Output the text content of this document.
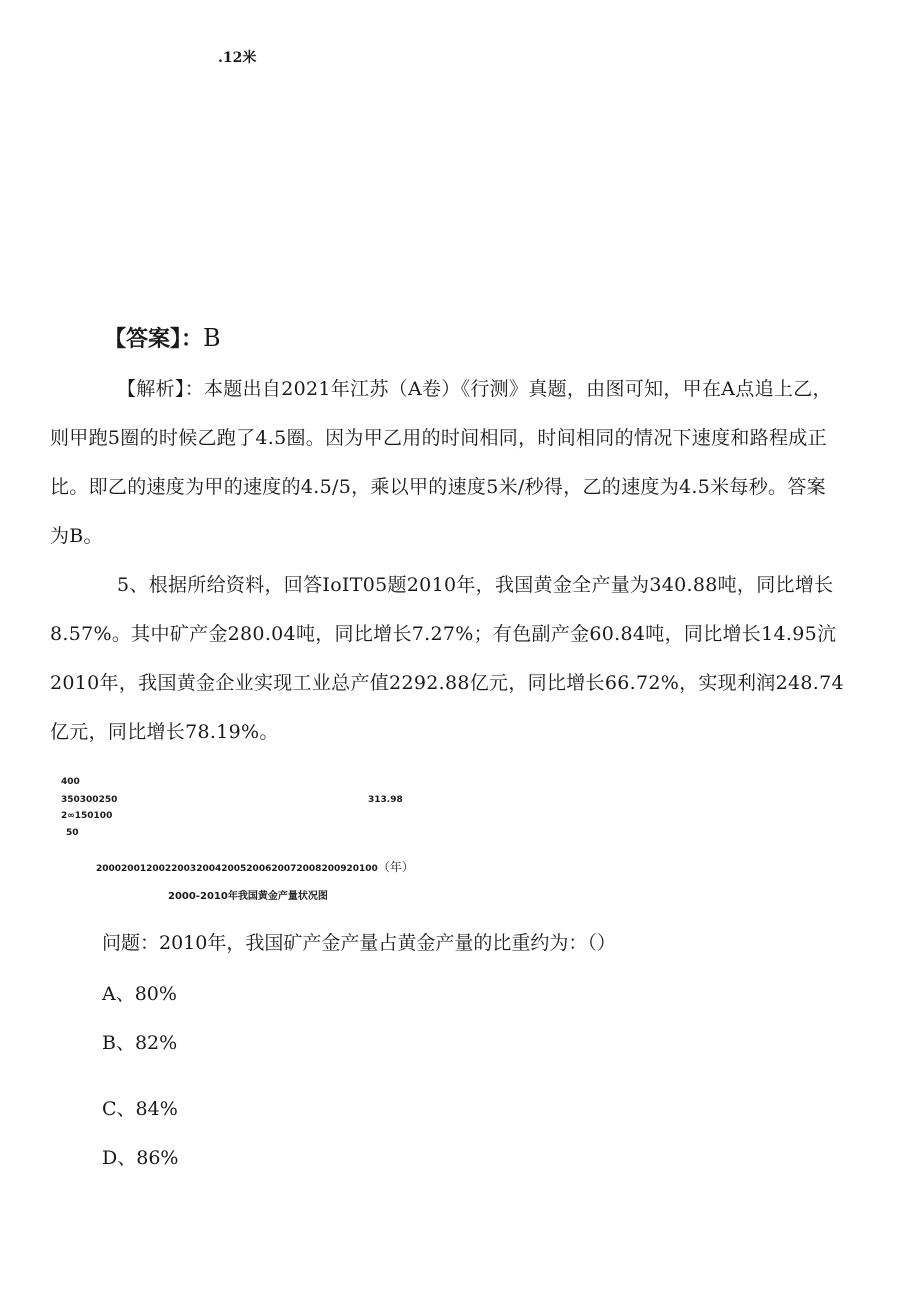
.12米
【答案】：B

【解析】：本题出自2021年江苏（A卷）《行测》真题，由图可知，甲在A点追上乙，

则甲跑5圈的时候乙跑了4.5圈。因为甲乙用的时间相同，时间相同的情况下速度和路程成正

比。即乙的速度为甲的速度的4.5/5，乘以甲的速度5米/秒得，乙的速度为4.5米每秒。答案

为B。

5、根据所给资料，回答IoIT05题2010年，我国黄金全产量为340.88吨，同比增长

8.57%。其中矿产金280.04吨，同比增长7.27%；有色副产金60.84吨，同比增长14.95沆

2010年，我国黄金企业实现工业总产值2292.88亿元，同比增长66.72%，实现利润248.74

亿元，同比增长78.19%。

400
350300250
2∞150100
50
313.98
200020012002200320042005200620072008200920100（年）
2000-2010年我国黄金产量状况图
问题：2010年，我国矿产金产量占黄金产量的比重约为：（）
A、80%
B、82%
C、84%
D、86%
